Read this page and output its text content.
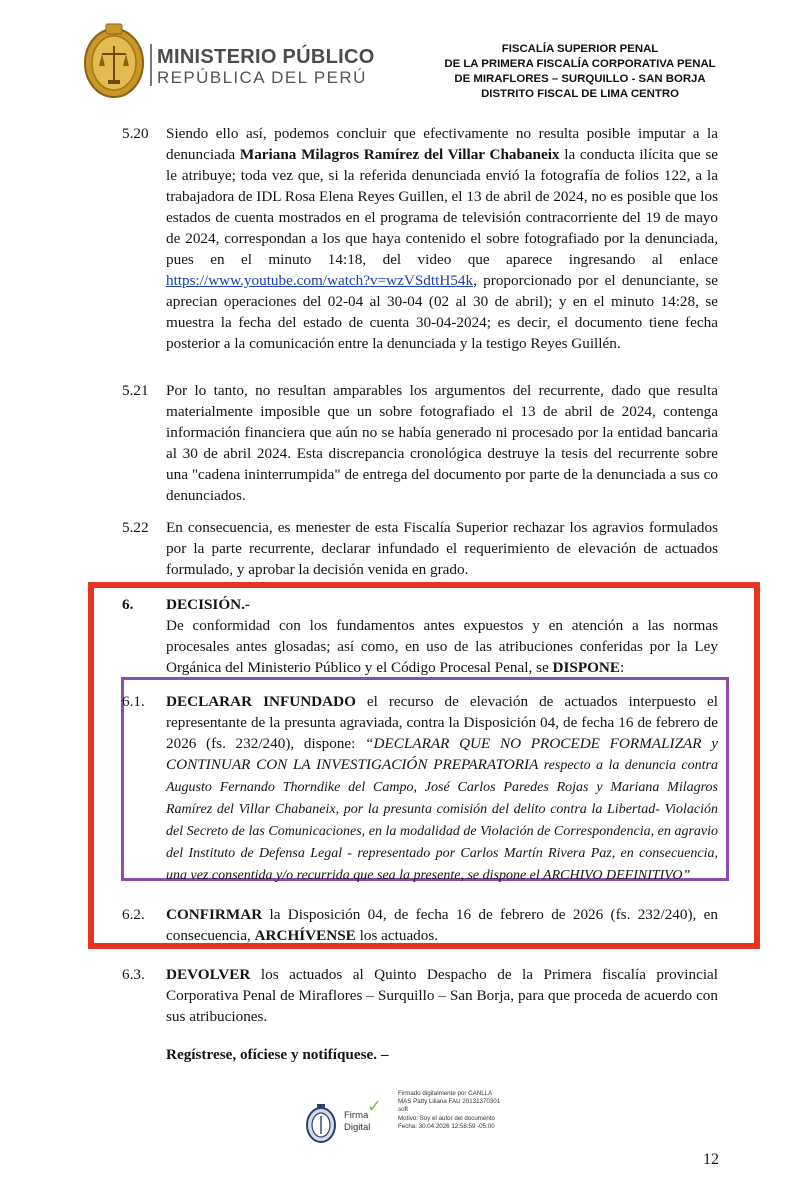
MINISTERIO PÚBLICO
REPÚBLICA DEL PERÚ
FISCALÍA SUPERIOR PENAL
DE LA PRIMERA FISCALÍA CORPORATIVA PENAL
DE MIRAFLORES – SURQUILLO - SAN BORJA
DISTRITO FISCAL DE LIMA CENTRO
5.20 Siendo ello así, podemos concluir que efectivamente no resulta posible imputar a la denunciada Mariana Milagros Ramírez del Villar Chabaneix la conducta ilícita que se le atribuye; toda vez que, si la referida denunciada envió la fotografía de folios 122, a la trabajadora de IDL Rosa Elena Reyes Guillen, el 13 de abril de 2024, no es posible que los estados de cuenta mostrados en el programa de televisión contracorriente del 19 de mayo de 2024, correspondan a los que haya contenido el sobre fotografiado por la denunciada, pues en el minuto 14:18, del video que aparece ingresando al enlace https://www.youtube.com/watch?v=wzVSdttH54k, proporcionado por el denunciante, se aprecian operaciones del 02-04 al 30-04 (02 al 30 de abril); y en el minuto 14:28, se muestra la fecha del estado de cuenta 30-04-2024; es decir, el documento tiene fecha posterior a la comunicación entre la denunciada y la testigo Reyes Guillén.
5.21 Por lo tanto, no resultan amparables los argumentos del recurrente, dado que resulta materialmente imposible que un sobre fotografiado el 13 de abril de 2024, contenga información financiera que aún no se había generado ni procesado por la entidad bancaria al 30 de abril 2024. Esta discrepancia cronológica destruye la tesis del recurrente sobre una "cadena ininterrumpida" de entrega del documento por parte de la denunciada a sus co denunciados.
5.22 En consecuencia, es menester de esta Fiscalía Superior rechazar los agravios formulados por la parte recurrente, declarar infundado el requerimiento de elevación de actuados formulado, y aprobar la decisión venida en grado.
6. DECISIÓN.-
De conformidad con los fundamentos antes expuestos y en atención a las normas procesales antes glosadas; así como, en uso de las atribuciones conferidas por la Ley Orgánica del Ministerio Público y el Código Procesal Penal, se DISPONE:
6.1. DECLARAR INFUNDADO el recurso de elevación de actuados interpuesto el representante de la presunta agraviada, contra la Disposición 04, de fecha 16 de febrero de 2026 (fs. 232/240), dispone: “DECLARAR QUE NO PROCEDE FORMALIZAR y CONTINUAR CON LA INVESTIGACIÓN PREPARATORIA respecto a la denuncia contra Augusto Fernando Thorndike del Campo, José Carlos Paredes Rojas y Mariana Milagros Ramírez del Villar Chabaneix, por la presunta comisión del delito contra la Libertad- Violación del Secreto de las Comunicaciones, en la modalidad de Violación de Correspondencia, en agravio del Instituto de Defensa Legal - representado por Carlos Martín Rivera Paz, en consecuencia, una vez consentida y/o recurrida que sea la presente, se dispone el ARCHIVO DEFINITIVO”
6.2. CONFIRMAR la Disposición 04, de fecha 16 de febrero de 2026 (fs. 232/240), en consecuencia, ARCHÍVENSE los actuados.
6.3. DEVOLVER los actuados al Quinto Despacho de la Primera fiscalía provincial Corporativa Penal de Miraflores – Surquillo – San Borja, para que proceda de acuerdo con sus atribuciones.
Regístrese, ofíciese y notifíquese. –
Firma
Digital
✓
Firmado digitalmente por CANLLA
MAS Patty Liliana FAU 20131370301
soft
Motivo: Soy el autor del documento
Fecha: 30.04.2026 12:58:59 -05:00
12
